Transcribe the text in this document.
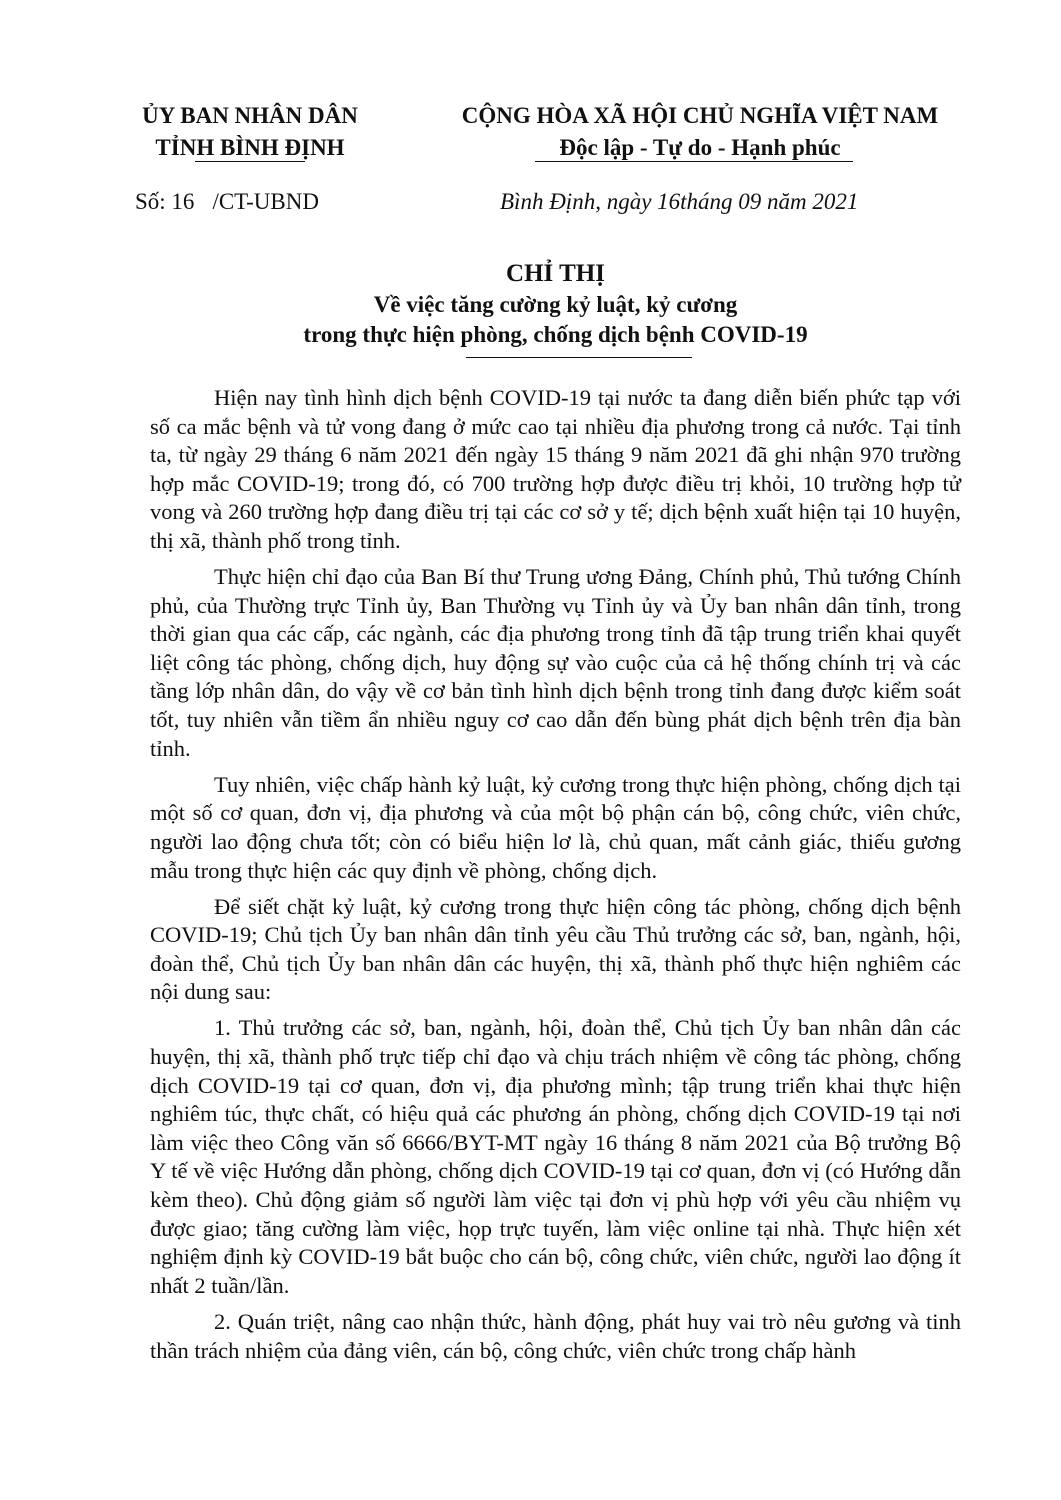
ỦY BAN NHÂN DÂN
TỈNH BÌNH ĐỊNH
CỘNG HÒA XÃ HỘI CHỦ NGHĨA VIỆT NAM
Độc lập - Tự do - Hạnh phúc
Số: 16 /CT-UBND	Bình Định, ngày 16tháng 09 năm 2021
CHỈ THỊ
Về việc tăng cường kỷ luật, kỷ cương
trong thực hiện phòng, chống dịch bệnh COVID-19

Hiện nay tình hình dịch bệnh COVID-19 tại nước ta đang diễn biến phức tạp với số ca mắc bệnh và tử vong đang ở mức cao tại nhiều địa phương trong cả nước. Tại tỉnh ta, từ ngày 29 tháng 6 năm 2021 đến ngày 15 tháng 9 năm 2021 đã ghi nhận 970 trường hợp mắc COVID-19; trong đó, có 700 trường hợp được điều trị khỏi, 10 trường hợp tử vong và 260 trường hợp đang điều trị tại các cơ sở y tế; dịch bệnh xuất hiện tại 10 huyện, thị xã, thành phố trong tỉnh.

Thực hiện chỉ đạo của Ban Bí thư Trung ương Đảng, Chính phủ, Thủ tướng Chính phủ, của Thường trực Tỉnh ủy, Ban Thường vụ Tỉnh ủy và Ủy ban nhân dân tỉnh, trong thời gian qua các cấp, các ngành, các địa phương trong tỉnh đã tập trung triển khai quyết liệt công tác phòng, chống dịch, huy động sự vào cuộc của cả hệ thống chính trị và các tầng lớp nhân dân, do vậy về cơ bản tình hình dịch bệnh trong tỉnh đang được kiểm soát tốt, tuy nhiên vẫn tiềm ẩn nhiều nguy cơ cao dẫn đến bùng phát dịch bệnh trên địa bàn tỉnh.

Tuy nhiên, việc chấp hành kỷ luật, kỷ cương trong thực hiện phòng, chống dịch tại một số cơ quan, đơn vị, địa phương và của một bộ phận cán bộ, công chức, viên chức, người lao động chưa tốt; còn có biểu hiện lơ là, chủ quan, mất cảnh giác, thiếu gương mẫu trong thực hiện các quy định về phòng, chống dịch.

Để siết chặt kỷ luật, kỷ cương trong thực hiện công tác phòng, chống dịch bệnh COVID-19; Chủ tịch Ủy ban nhân dân tỉnh yêu cầu Thủ trưởng các sở, ban, ngành, hội, đoàn thể, Chủ tịch Ủy ban nhân dân các huyện, thị xã, thành phố thực hiện nghiêm các nội dung sau:

1. Thủ trưởng các sở, ban, ngành, hội, đoàn thể, Chủ tịch Ủy ban nhân dân các huyện, thị xã, thành phố trực tiếp chỉ đạo và chịu trách nhiệm về công tác phòng, chống dịch COVID-19 tại cơ quan, đơn vị, địa phương mình; tập trung triển khai thực hiện nghiêm túc, thực chất, có hiệu quả các phương án phòng, chống dịch COVID-19 tại nơi làm việc theo Công văn số 6666/BYT-MT ngày 16 tháng 8 năm 2021 của Bộ trưởng Bộ Y tế về việc Hướng dẫn phòng, chống dịch COVID-19 tại cơ quan, đơn vị (có Hướng dẫn kèm theo). Chủ động giảm số người làm việc tại đơn vị phù hợp với yêu cầu nhiệm vụ được giao; tăng cường làm việc, họp trực tuyến, làm việc online tại nhà. Thực hiện xét nghiệm định kỳ COVID-19 bắt buộc cho cán bộ, công chức, viên chức, người lao động ít nhất 2 tuần/lần.

2. Quán triệt, nâng cao nhận thức, hành động, phát huy vai trò nêu gương và tinh thần trách nhiệm của đảng viên, cán bộ, công chức, viên chức trong chấp hành
